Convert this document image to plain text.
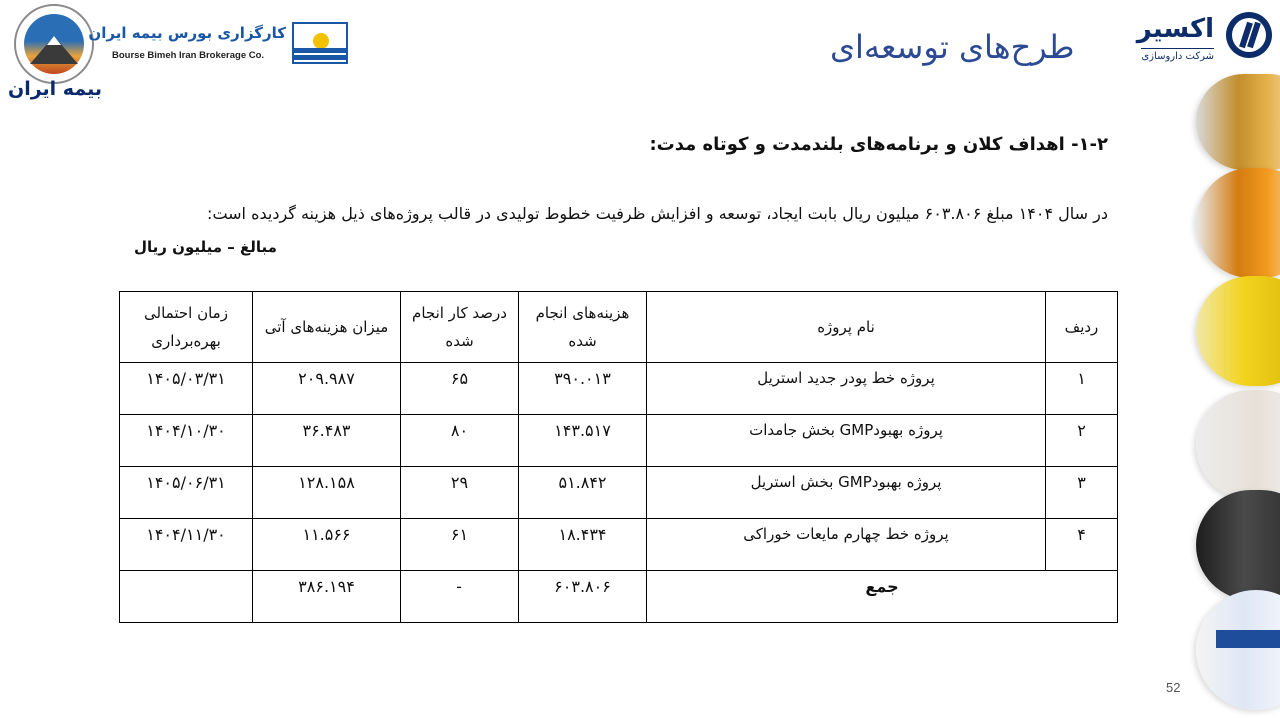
بیمه ایران
کارگزاری بورس بیمه ایران
Bourse Bimeh Iran Brokerage Co.	طرح‌های توسعه‌ای اکسیر
شرکت داروسازی
۱-۲- اهداف کلان و برنامه‌های بلندمدت و کوتاه مدت:
در سال ۱۴۰۴ مبلغ ۶۰۳.۸۰۶ میلیون ریال بابت ایجاد، توسعه و افزایش ظرفیت خطوط تولیدی در قالب پروژه‌های ذیل هزینه گردیده است:
مبالغ – میلیون ریال
ردیف	نام پروژه	هزینه‌های انجام شده	درصد کار انجام شده	میزان هزینه‌های آتی	زمان احتمالی بهره‌برداری
۱	پروژه خط پودر جدید استریل	۳۹۰.۰۱۳	۶۵	۲۰۹.۹۸۷	۱۴۰۵/۰۳/۳۱
۲	پروژه بهبودGMP بخش جامدات	۱۴۳.۵۱۷	۸۰	۳۶.۴۸۳	۱۴۰۴/۱۰/۳۰
۳	پروژه بهبودGMP بخش استریل	۵۱.۸۴۲	۲۹	۱۲۸.۱۵۸	۱۴۰۵/۰۶/۳۱
۴	پروژه خط چهارم مایعات خوراکی	۱۸.۴۳۴	۶۱	۱۱.۵۶۶	۱۴۰۴/۱۱/۳۰
جمع		۶۰۳.۸۰۶	-	۳۸۶.۱۹۴	
52
